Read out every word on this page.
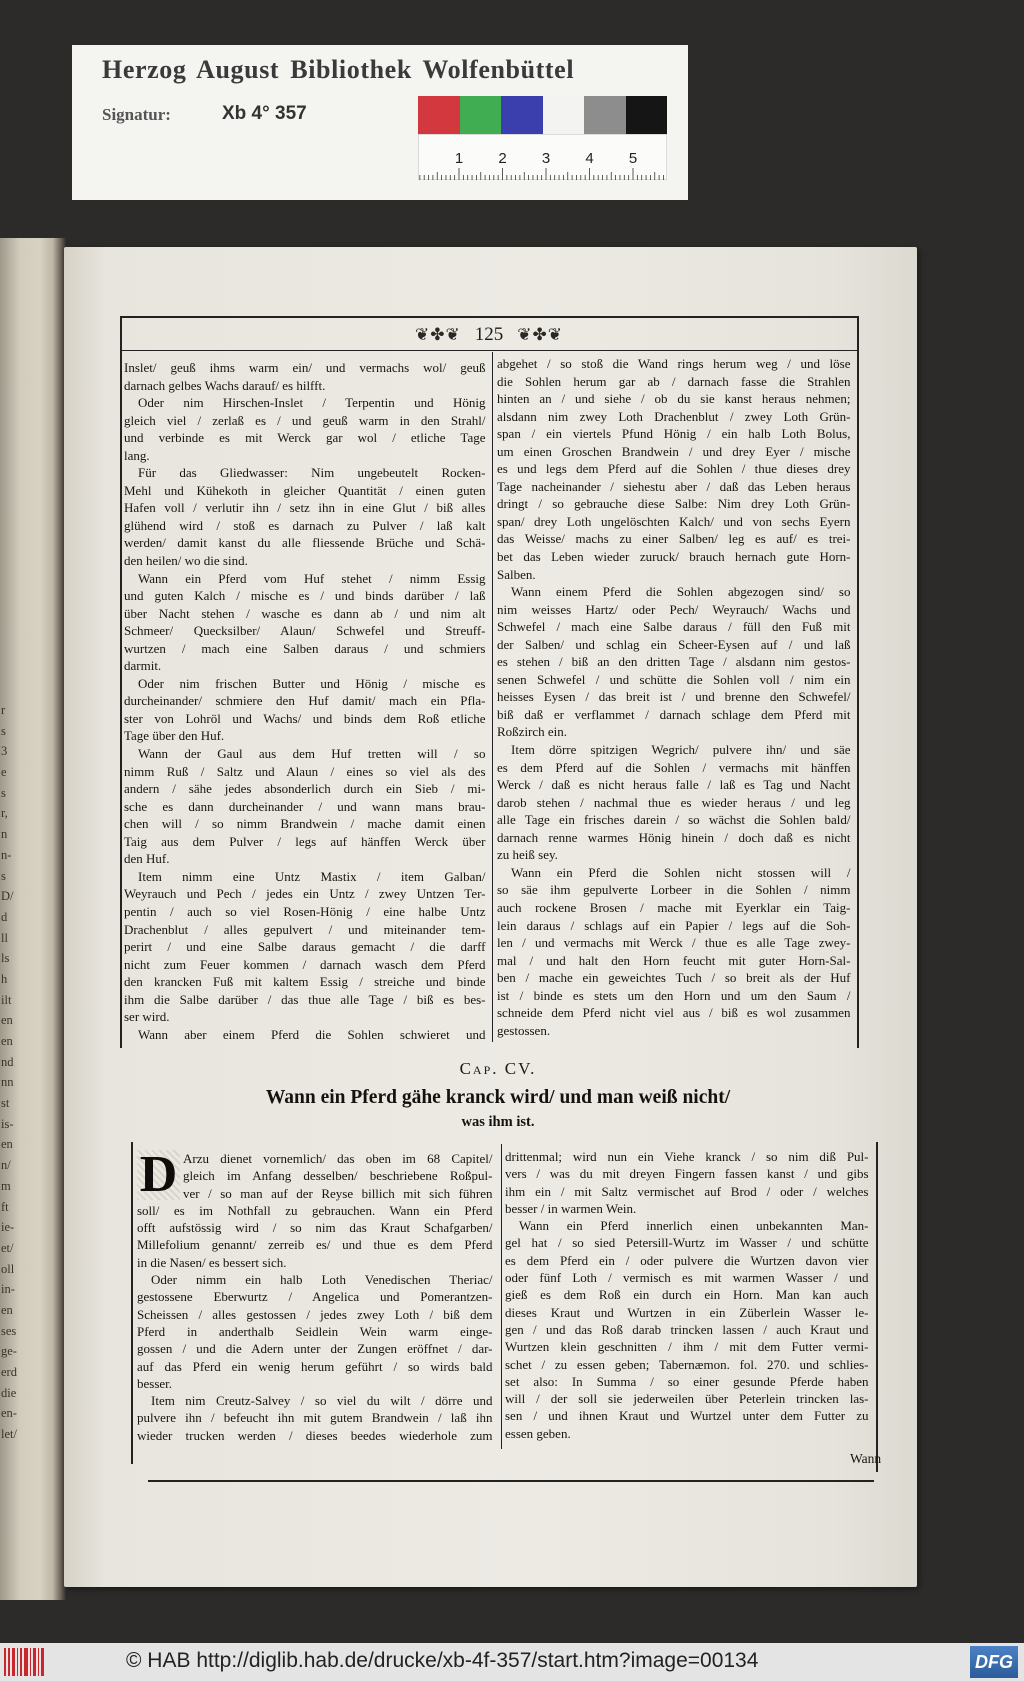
Herzog August Bibliothek Wolfenbüttel
Signatur:	Xb 4° 357
1 2 3 4 5
r
s
3
e
s
r,
n
n-
s
D/
d
ll
ls
h
ilt
en
en
nd
nn
st
is-
en
n/
m
ft
ie-
et/
oll
in-
en
ses
ge-
erd
die
en-
let/
❦✤❦
125
❦✤❦
Inslet/ geuß ihms warm ein/ und vermachs wol/ geuß
darnach gelbes Wachs darauf/ es hilfft.
Oder nim Hirschen-Inslet / Terpentin und Hönig
gleich viel / zerlaß es / und geuß warm in den Strahl/
und verbinde es mit Werck gar wol / etliche Tage
lang.
Für das Gliedwasser: Nim ungebeutelt Rocken-
Mehl und Kühekoth in gleicher Quantität / einen guten
Hafen voll / verlutir ihn / setz ihn in eine Glut / biß alles
glühend wird / stoß es darnach zu Pulver / laß kalt
werden/ damit kanst du alle fliessende Brüche und Schä-
den heilen/ wo die sind.
Wann ein Pferd vom Huf stehet / nimm Essig
und guten Kalch / mische es / und binds darüber / laß
über Nacht stehen / wasche es dann ab / und nim alt
Schmeer/ Quecksilber/ Alaun/ Schwefel und Streuff-
wurtzen / mach eine Salben daraus / und schmiers
darmit.
Oder nim frischen Butter und Hönig / mische es
durcheinander/ schmiere den Huf damit/ mach ein Pfla-
ster von Lohröl und Wachs/ und binds dem Roß etliche
Tage über den Huf.
Wann der Gaul aus dem Huf tretten will / so
nimm Ruß / Saltz und Alaun / eines so viel als des
andern / sähe jedes absonderlich durch ein Sieb / mi-
sche es dann durcheinander / und wann mans brau-
chen will / so nimm Brandwein / mache damit einen
Taig aus dem Pulver / legs auf hänffen Werck über
den Huf.
Item nimm eine Untz Mastix / item Galban/
Weyrauch und Pech / jedes ein Untz / zwey Untzen Ter-
pentin / auch so viel Rosen-Hönig / eine halbe Untz
Drachenblut / alles gepulvert / und miteinander tem-
perirt / und eine Salbe daraus gemacht / die darff
nicht zum Feuer kommen / darnach wasch dem Pferd
den krancken Fuß mit kaltem Essig / streiche und binde
ihm die Salbe darüber / das thue alle Tage / biß es bes-
ser wird.
Wann aber einem Pferd die Sohlen schwieret und
abgehet / so stoß die Wand rings herum weg / und löse
die Sohlen herum gar ab / darnach fasse die Strahlen
hinten an / und siehe / ob du sie kanst heraus nehmen;
alsdann nim zwey Loth Drachenblut / zwey Loth Grün-
span / ein viertels Pfund Hönig / ein halb Loth Bolus,
um einen Groschen Brandwein / und drey Eyer / mische
es und legs dem Pferd auf die Sohlen / thue dieses drey
Tage nacheinander / siehestu aber / daß das Leben heraus
dringt / so gebrauche diese Salbe: Nim drey Loth Grün-
span/ drey Loth ungelöschten Kalch/ und von sechs Eyern
das Weisse/ machs zu einer Salben/ leg es auf/ es trei-
bet das Leben wieder zuruck/ brauch hernach gute Horn-
Salben.
Wann einem Pferd die Sohlen abgezogen sind/ so
nim weisses Hartz/ oder Pech/ Weyrauch/ Wachs und
Schwefel / mach eine Salbe daraus / füll den Fuß mit
der Salben/ und schlag ein Scheer-Eysen auf / und laß
es stehen / biß an den dritten Tage / alsdann nim gestos-
senen Schwefel / und schütte die Sohlen voll / nim ein
heisses Eysen / das breit ist / und brenne den Schwefel/
biß daß er verflammet / darnach schlage dem Pferd mit
Roßzirch ein.
Item dörre spitzigen Wegrich/ pulvere ihn/ und säe
es dem Pferd auf die Sohlen / vermachs mit hänffen
Werck / daß es nicht heraus falle / laß es Tag und Nacht
darob stehen / nachmal thue es wieder heraus / und leg
alle Tage ein frisches darein / so wächst die Sohlen bald/
darnach renne warmes Hönig hinein / doch daß es nicht
zu heiß sey.
Wann ein Pferd die Sohlen nicht stossen will /
so säe ihm gepulverte Lorbeer in die Sohlen / nimm
auch rockene Brosen / mache mit Eyerklar ein Taig-
lein daraus / schlags auf ein Papier / legs auf die Soh-
len / und vermachs mit Werck / thue es alle Tage zwey-
mal / und halt den Horn feucht mit guter Horn-Sal-
ben / mache ein geweichtes Tuch / so breit als der Huf
ist / binde es stets um den Horn und um den Saum /
schneide dem Pferd nicht viel aus / biß es wol zusammen
gestossen.
Cap. CV.
Wann ein Pferd gähe kranck wird/ und man weiß nicht/
was ihm ist.
D Arzu dienet vornemlich/ das oben im 68 Capitel/
gleich im Anfang desselben/ beschriebene Roßpul-
ver / so man auf der Reyse billich mit sich führen
soll/ es im Nothfall zu gebrauchen. Wann ein Pferd
offt aufstössig wird / so nim das Kraut Schafgarben/
Millefolium genannt/ zerreib es/ und thue es dem Pferd
in die Nasen/ es bessert sich.
Oder nimm ein halb Loth Venedischen Theriac/
gestossene Eberwurtz / Angelica und Pomerantzen-
Scheissen / alles gestossen / jedes zwey Loth / biß dem
Pferd in anderthalb Seidlein Wein warm einge-
gossen / und die Adern unter der Zungen eröffnet / dar-
auf das Pferd ein wenig herum geführt / so wirds bald
besser.
Item nim Creutz-Salvey / so viel du wilt / dörre und
pulvere ihn / befeucht ihn mit gutem Brandwein / laß ihn
wieder trucken werden / dieses beedes wiederhole zum
drittenmal; wird nun ein Viehe kranck / so nim diß Pul-
vers / was du mit dreyen Fingern fassen kanst / und gibs
ihm ein / mit Saltz vermischet auf Brod / oder / welches
besser / in warmen Wein.
Wann ein Pferd innerlich einen unbekannten Man-
gel hat / so sied Petersill-Wurtz im Wasser / und schütte
es dem Pferd ein / oder pulvere die Wurtzen davon vier
oder fünf Loth / vermisch es mit warmen Wasser / und
gieß es dem Roß ein durch ein Horn. Man kan auch
dieses Kraut und Wurtzen in ein Züberlein Wasser le-
gen / und das Roß darab trincken lassen / auch Kraut und
Wurtzen klein geschnitten / ihm / mit dem Futter vermi-
schet / zu essen geben; Tabernæmon. fol. 270. und schlies-
set also: In Summa / so einer gesunde Pferde haben
will / der soll sie jederweilen über Peterlein trincken las-
sen / und ihnen Kraut und Wurtzel unter dem Futter zu
essen geben.
Wann
© HAB http://diglib.hab.de/drucke/xb-4f-357/start.htm?image=00134	DFG
